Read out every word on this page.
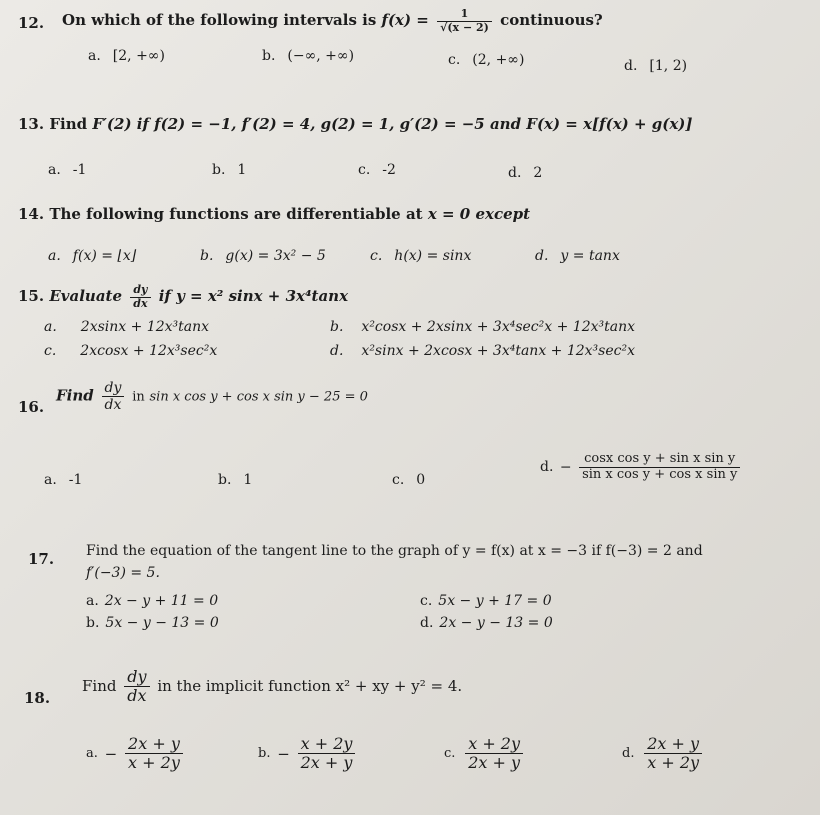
12. On which of the following intervals is $f(x) = \frac{1}{√(x - 2)}$ continuous?
a. [2, +∞)	b. (−∞, +∞)	c. (2, +∞)	d. [1, 2)
13. Find F′(2) if f(2) = −1, f′(2) = 4, g(2) = 1, g′(2) = −5 and F(x) = x[f(x) + g(x)]
a. -1	b. 1	c. -2	d. 2
14. The following functions are differentiable at x = 0 except
a. f(x) = ⌊x⌋	b. g(x) = 3x² − 5	c. h(x) = sinx	d. y = tanx
15. Evaluate $\frac{dy}{dx}$ if y = x² sinx + 3x⁴tanx
a. 2xsinx + 12x³tanx	b. x²cosx + 2xsinx + 3x⁴sec²x + 12x³tanx
c. 2xcosx + 12x³sec²x	d. x²sinx + 2xcosx + 3x⁴tanx + 12x³sec²x
16.
Find $\frac{dy}{dx}$ in sin x cos y + cos x sin y − 25 = 0
a. -1	b. 1	c. 0
d. − $\frac{\text{cosx cos y + sin x sin y}}{\text{sin x cos y + cos x sin y}}$
17. Find the equation of the tangent line to the graph of y = f(x) at x = −3 if f(−3) = 2 and
f′(−3) = 5.
a. 2x − y + 11 = 0
b. 5x − y − 13 = 0
c. 5x − y + 17 = 0
d. 2x − y − 13 = 0
18.
Find $\frac{dy}{dx}$ in the implicit function x² + xy + y² = 4.
a. − $\frac{2x + y}{x + 2y}$	b. − $\frac{x + 2y}{2x + y}$	c. $\frac{x + 2y}{2x + y}$	d. $\frac{2x + y}{x + 2y}$
